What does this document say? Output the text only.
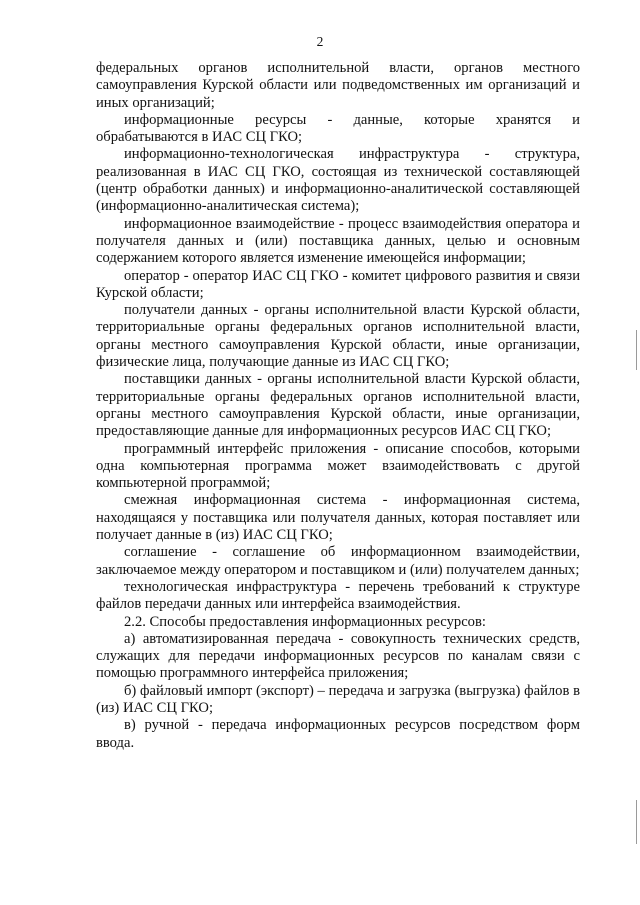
2

федеральных органов исполнительной власти, органов местного самоуправления Курской области или подведомственных им организаций и иных организаций;

информационные ресурсы - данные, которые хранятся и обрабатываются в ИАС СЦ ГКО;

информационно-технологическая инфраструктура - структура, реализованная в ИАС СЦ ГКО, состоящая из технической составляющей (центр обработки данных) и информационно-аналитической составляющей (информационно-аналитическая система);

информационное взаимодействие - процесс взаимодействия оператора и получателя данных и (или) поставщика данных, целью и основным содержанием которого является изменение имеющейся информации;

оператор - оператор ИАС СЦ ГКО - комитет цифрового развития и связи Курской области;

получатели данных - органы исполнительной власти Курской области, территориальные органы федеральных органов исполнительной власти, органы местного самоуправления Курской области, иные организации, физические лица, получающие данные из ИАС СЦ ГКО;

поставщики данных - органы исполнительной власти Курской области, территориальные органы федеральных органов исполнительной власти, органы местного самоуправления Курской области, иные организации, предоставляющие данные для информационных ресурсов ИАС СЦ ГКО;

программный интерфейс приложения - описание способов, которыми одна компьютерная программа может взаимодействовать с другой компьютерной программой;

смежная информационная система - информационная система, находящаяся у поставщика или получателя данных, которая поставляет или получает данные в (из) ИАС СЦ ГКО;

соглашение - соглашение об информационном взаимодействии, заключаемое между оператором и поставщиком и (или) получателем данных;

технологическая инфраструктура - перечень требований к структуре файлов передачи данных или интерфейса взаимодействия.

2.2. Способы предоставления информационных ресурсов:

а) автоматизированная передача - совокупность технических средств, служащих для передачи информационных ресурсов по каналам связи с помощью программного интерфейса приложения;

б) файловый импорт (экспорт) – передача и загрузка (выгрузка) файлов в (из) ИАС СЦ ГКО;

в) ручной - передача информационных ресурсов посредством форм ввода.
